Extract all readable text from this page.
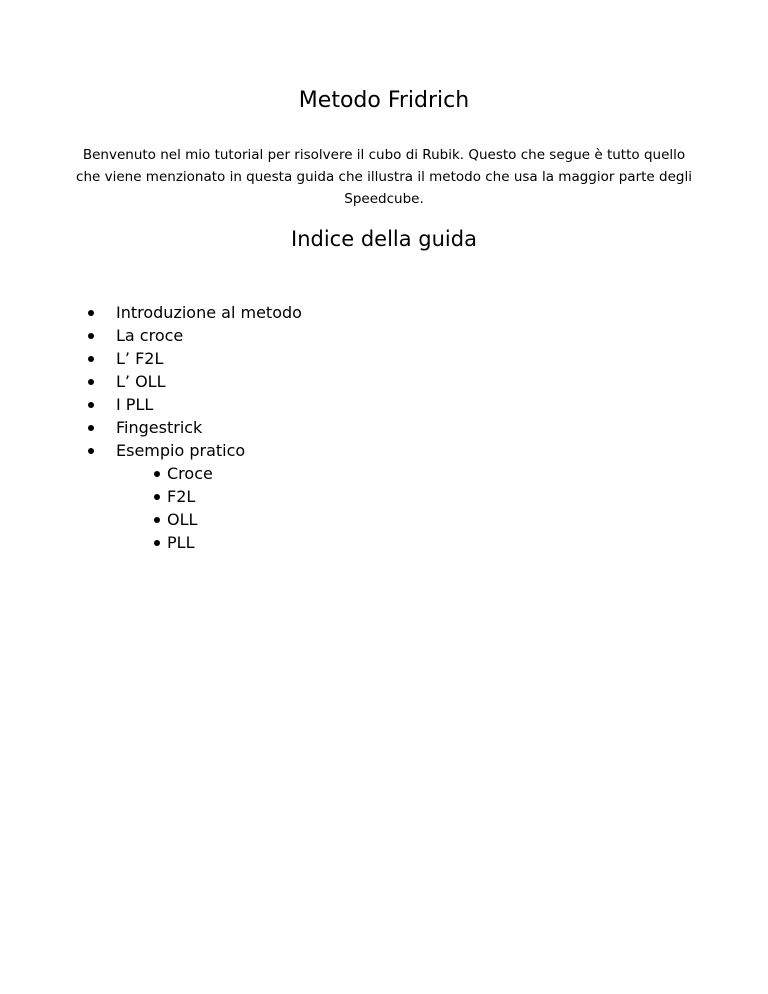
Metodo Fridrich

Benvenuto nel mio tutorial per risolvere il cubo di Rubik. Questo che segue è tutto quello che viene menzionato in questa guida che illustra il metodo che usa la maggior parte degli Speedcube.

Indice della guida
Introduzione al metodo
La croce
L’ F2L
L’ OLL
I PLL
Fingestrick
Esempio pratico
Croce
F2L
OLL
PLL
